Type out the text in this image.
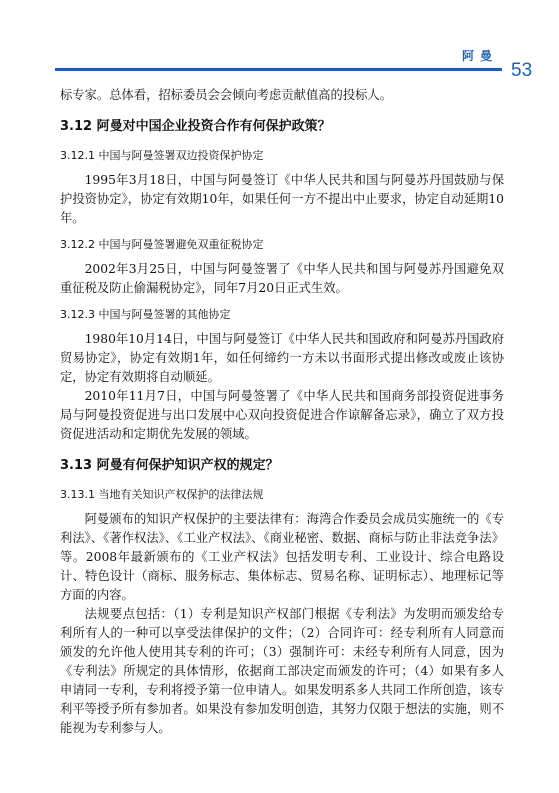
阿曼
53

标专家。总体看，招标委员会会倾向考虑贡献值高的投标人。

3.12 阿曼对中国企业投资合作有何保护政策？

3.12.1 中国与阿曼签署双边投资保护协定

1995年3月18日，中国与阿曼签订《中华人民共和国与阿曼苏丹国鼓励与保护投资协定》，协定有效期10年，如果任何一方不提出中止要求，协定自动延期10年。

3.12.2 中国与阿曼签署避免双重征税协定

2002年3月25日，中国与阿曼签署了《中华人民共和国与阿曼苏丹国避免双重征税及防止偷漏税协定》，同年7月20日正式生效。

3.12.3 中国与阿曼签署的其他协定

1980年10月14日，中国与阿曼签订《中华人民共和国政府和阿曼苏丹国政府贸易协定》，协定有效期1年，如任何缔约一方未以书面形式提出修改或废止该协定，协定有效期将自动顺延。

2010年11月7日，中国与阿曼签署了《中华人民共和国商务部投资促进事务局与阿曼投资促进与出口发展中心双向投资促进合作谅解备忘录》，确立了双方投资促进活动和定期优先发展的领域。

3.13 阿曼有何保护知识产权的规定？

3.13.1 当地有关知识产权保护的法律法规

阿曼颁布的知识产权保护的主要法律有：海湾合作委员会成员实施统一的《专利法》、《著作权法》、《工业产权法》、《商业秘密、数据、商标与防止非法竞争法》等。2008年最新颁布的《工业产权法》包括发明专利、工业设计、综合电路设计、特色设计（商标、服务标志、集体标志、贸易名称、证明标志）、地理标记等方面的内容。

法规要点包括：（1）专利是知识产权部门根据《专利法》为发明而颁发给专利所有人的一种可以享受法律保护的文件；（2）合同许可：经专利所有人同意而颁发的允许他人使用其专利的许可；（3）强制许可：未经专利所有人同意，因为《专利法》所规定的具体情形，依据商工部决定而颁发的许可；（4）如果有多人申请同一专利，专利将授予第一位申请人。如果发明系多人共同工作所创造，该专利平等授予所有参加者。如果没有参加发明创造，其努力仅限于想法的实施，则不能视为专利参与人。
